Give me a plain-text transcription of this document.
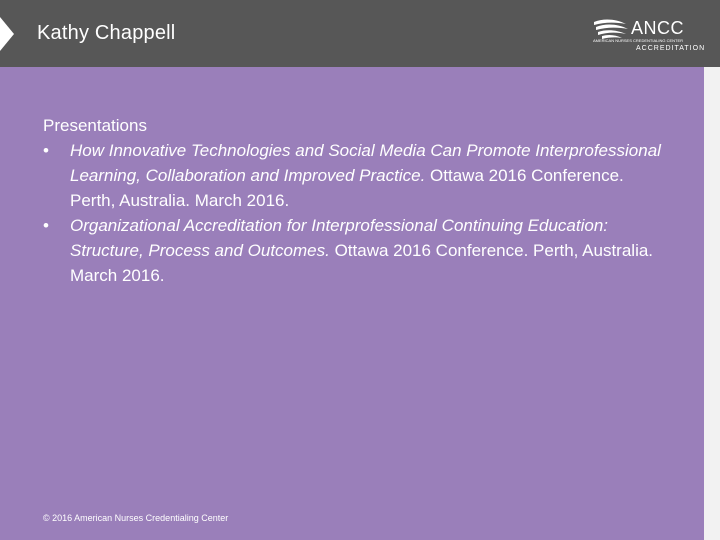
Kathy Chappell	ANCC
AMERICAN NURSES CREDENTIALING CENTER
ACCREDITATION

Presentations

• How Innovative Technologies and Social Media Can Promote Interprofessional Learning, Collaboration and Improved Practice. Ottawa 2016 Conference. Perth, Australia. March 2016.
• Organizational Accreditation for Interprofessional Continuing Education: Structure, Process and Outcomes. Ottawa 2016 Conference. Perth, Australia. March 2016.
© 2016 American Nurses Credentialing Center
